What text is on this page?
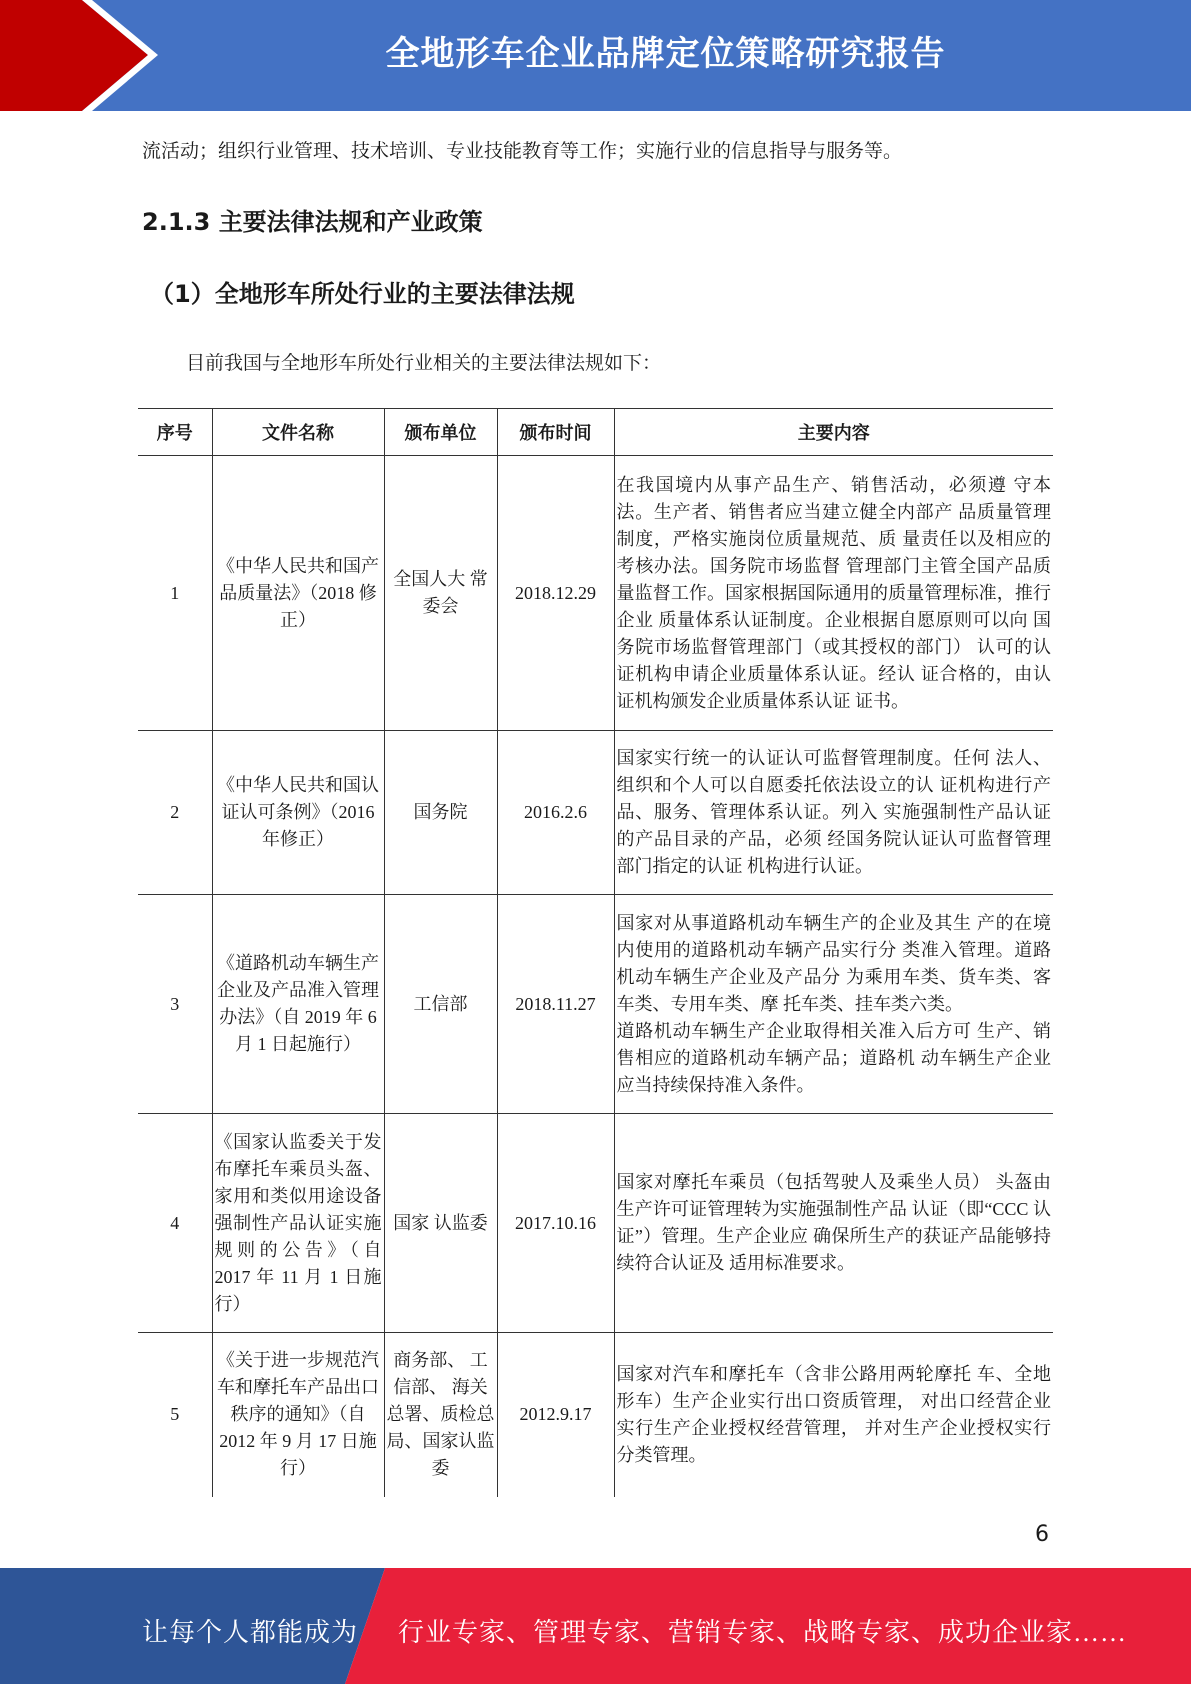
全地形车企业品牌定位策略研究报告
流活动；组织行业管理、技术培训、专业技能教育等工作；实施行业的信息指导与服务等。
2.1.3 主要法律法规和产业政策
（1）全地形车所处行业的主要法律法规
目前我国与全地形车所处行业相关的主要法律法规如下：
序号	文件名称	颁布单位	颁布时间	主要内容
1	《中华人民共和国产品质量法》（2018 修正）	全国人大 常委会	2018.12.29	在我国境内从事产品生产、销售活动，必须遵 守本法。生产者、销售者应当建立健全内部产 品质量管理制度，严格实施岗位质量规范、质 量责任以及相应的考核办法。国务院市场监督 管理部门主管全国产品质量监督工作。国家根据国际通用的质量管理标准，推行企业 质量体系认证制度。企业根据自愿原则可以向 国务院市场监督管理部门（或其授权的部门） 认可的认证机构申请企业质量体系认证。经认 证合格的，由认证机构颁发企业质量体系认证 证书。
2	《中华人民共和国认证认可条例》（2016 年修正）	国务院	2016.2.6	国家实行统一的认证认可监督管理制度。任何 法人、组织和个人可以自愿委托依法设立的认 证机构进行产品、服务、管理体系认证。列入 实施强制性产品认证的产品目录的产品，必须 经国务院认证认可监督管理部门指定的认证 机构进行认证。
3	《道路机动车辆生产企业及产品准入管理办法》（自 2019 年 6 月 1 日起施行）	工信部	2018.11.27	国家对从事道路机动车辆生产的企业及其生 产的在境内使用的道路机动车辆产品实行分 类准入管理。道路机动车辆生产企业及产品分 为乘用车类、货车类、客车类、专用车类、摩 托车类、挂车类六类。
道路机动车辆生产企业取得相关准入后方可 生产、销售相应的道路机动车辆产品；道路机 动车辆生产企业应当持续保持准入条件。

4	《国家认监委关于发布摩托车乘员头盔、家用和类似用途设备强制性产品认证实施规则的公告》（自 2017 年 11 月 1 日施行）	国家 认监委	2017.10.16	国家对摩托车乘员（包括驾驶人及乘坐人员） 头盔由生产许可证管理转为实施强制性产品 认证（即“CCC 认证”）管理。生产企业应 确保所生产的获证产品能够持续符合认证及 适用标准要求。
5	《关于进一步规范汽车和摩托车产品出口秩序的通知》（自 2012 年 9 月 17 日施行）	商务部、 工信部、 海关总署、质检总局、国家认监委	2012.9.17	国家对汽车和摩托车（含非公路用两轮摩托 车、全地形车）生产企业实行出口资质管理， 对出口经营企业实行生产企业授权经营管理， 并对生产企业授权实行分类管理。
6
让每个人都能成为 行业专家、管理专家、营销专家、战略专家、成功企业家……
